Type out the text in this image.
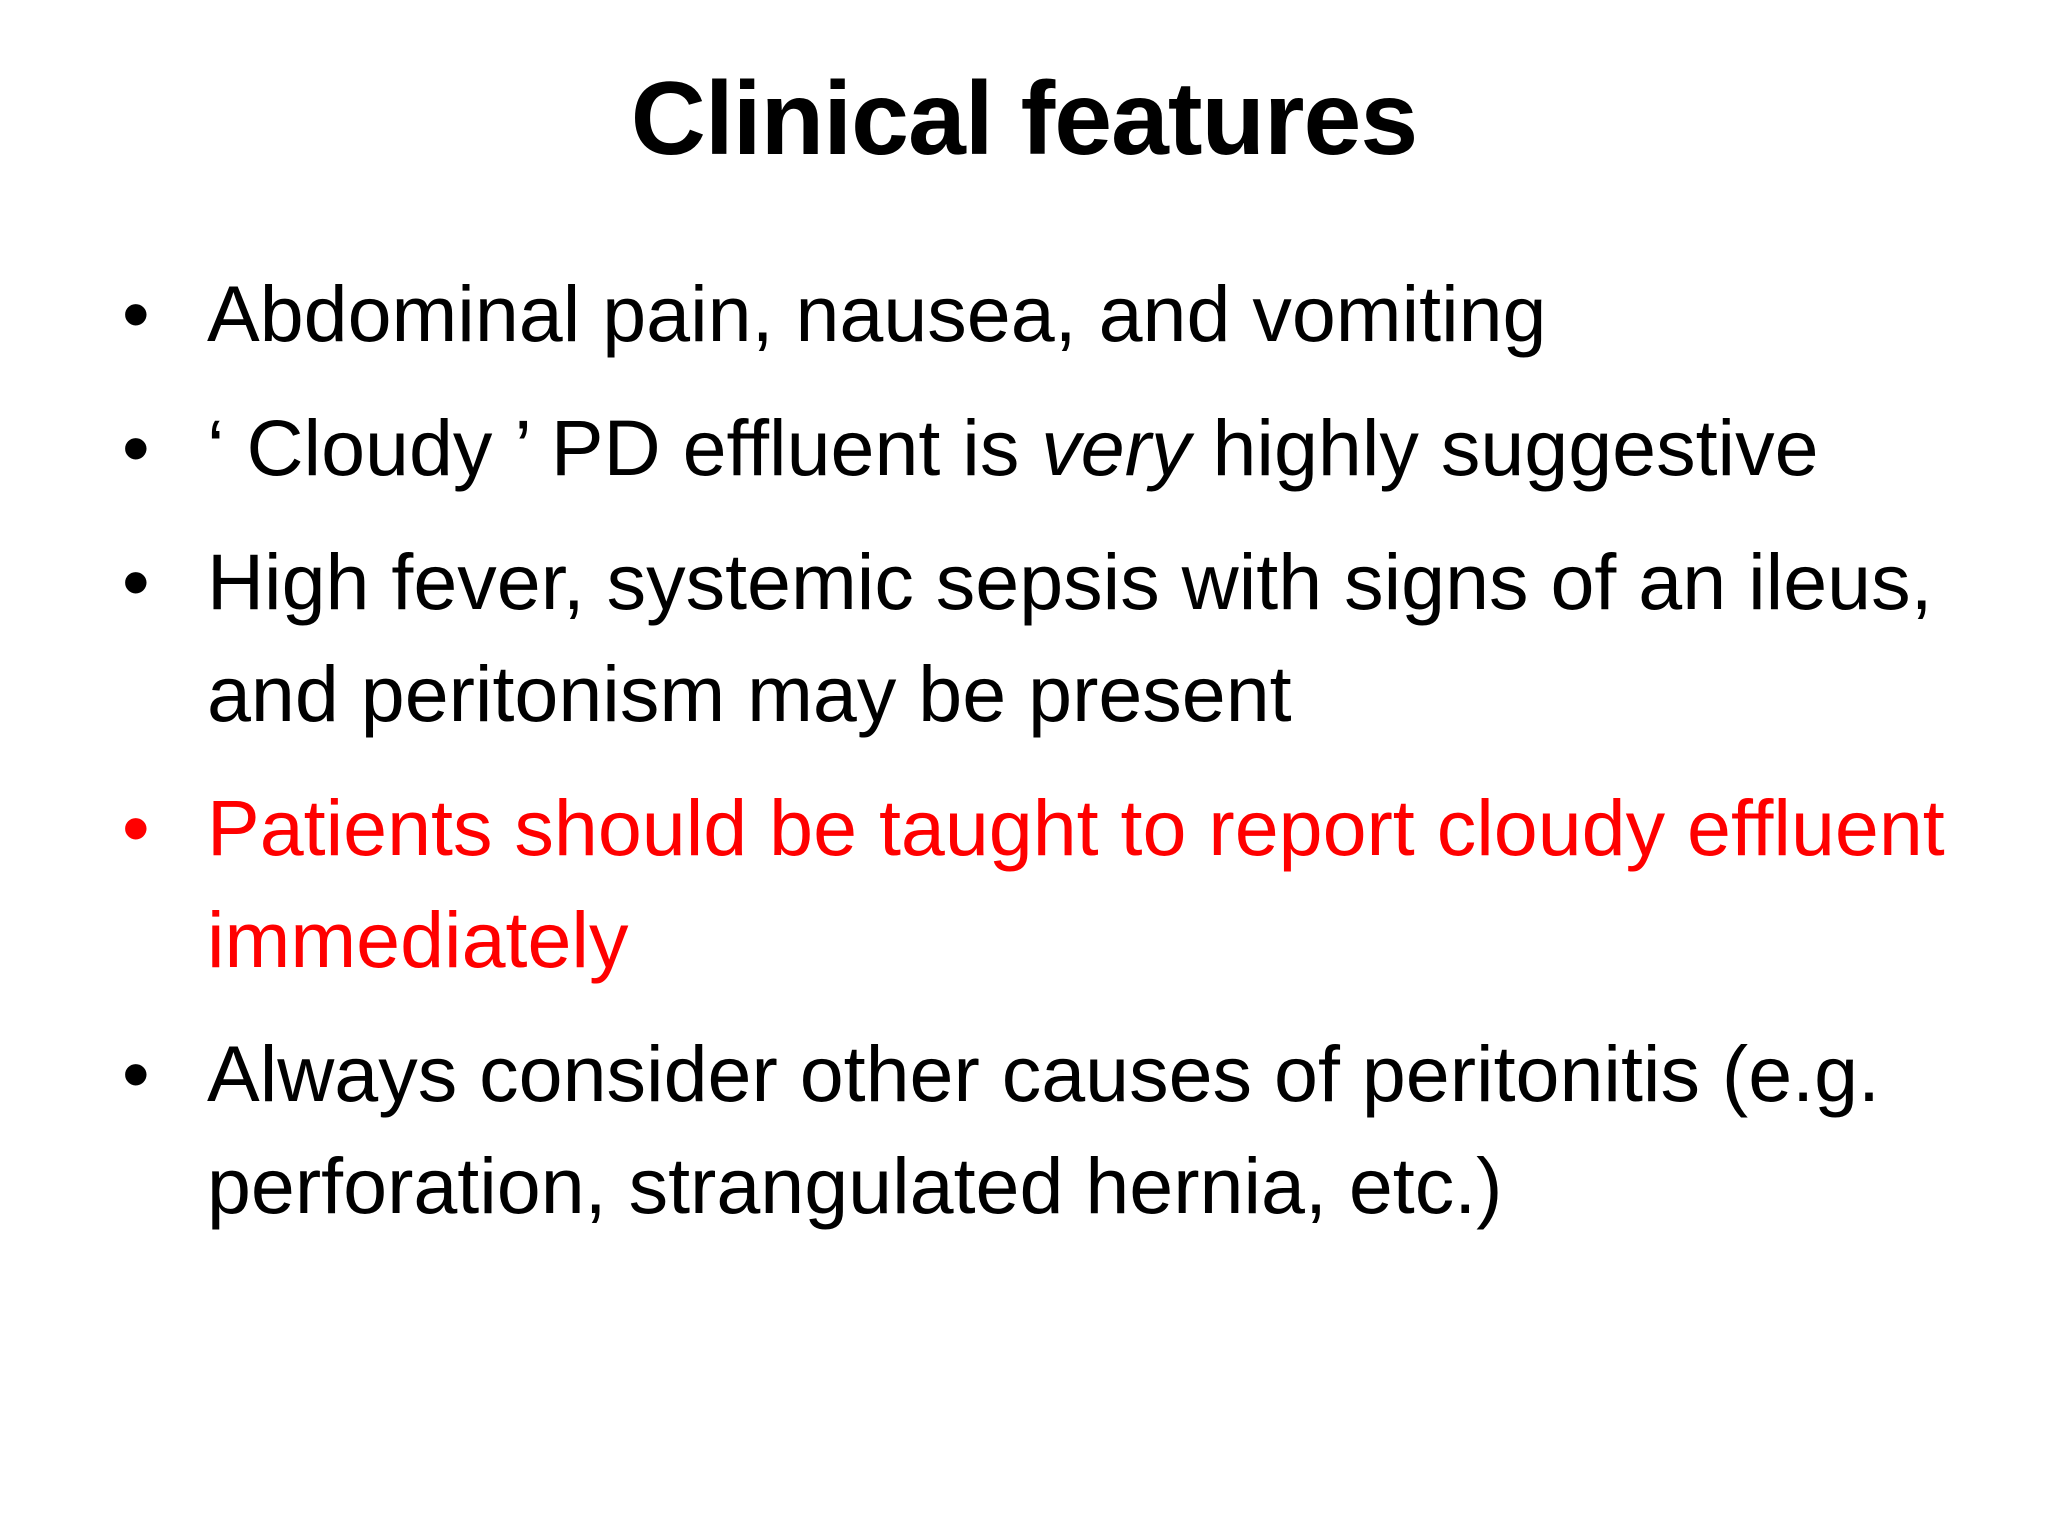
Clinical features
• Abdominal pain, nausea, and vomiting
• ‘ Cloudy ’ PD effluent is very highly suggestive
• High fever, systemic sepsis with signs of an ileus, and peritonism may be present
• Patients should be taught to report cloudy effluent immediately
• Always consider other causes of peritonitis (e.g. perforation, strangulated hernia, etc.)
